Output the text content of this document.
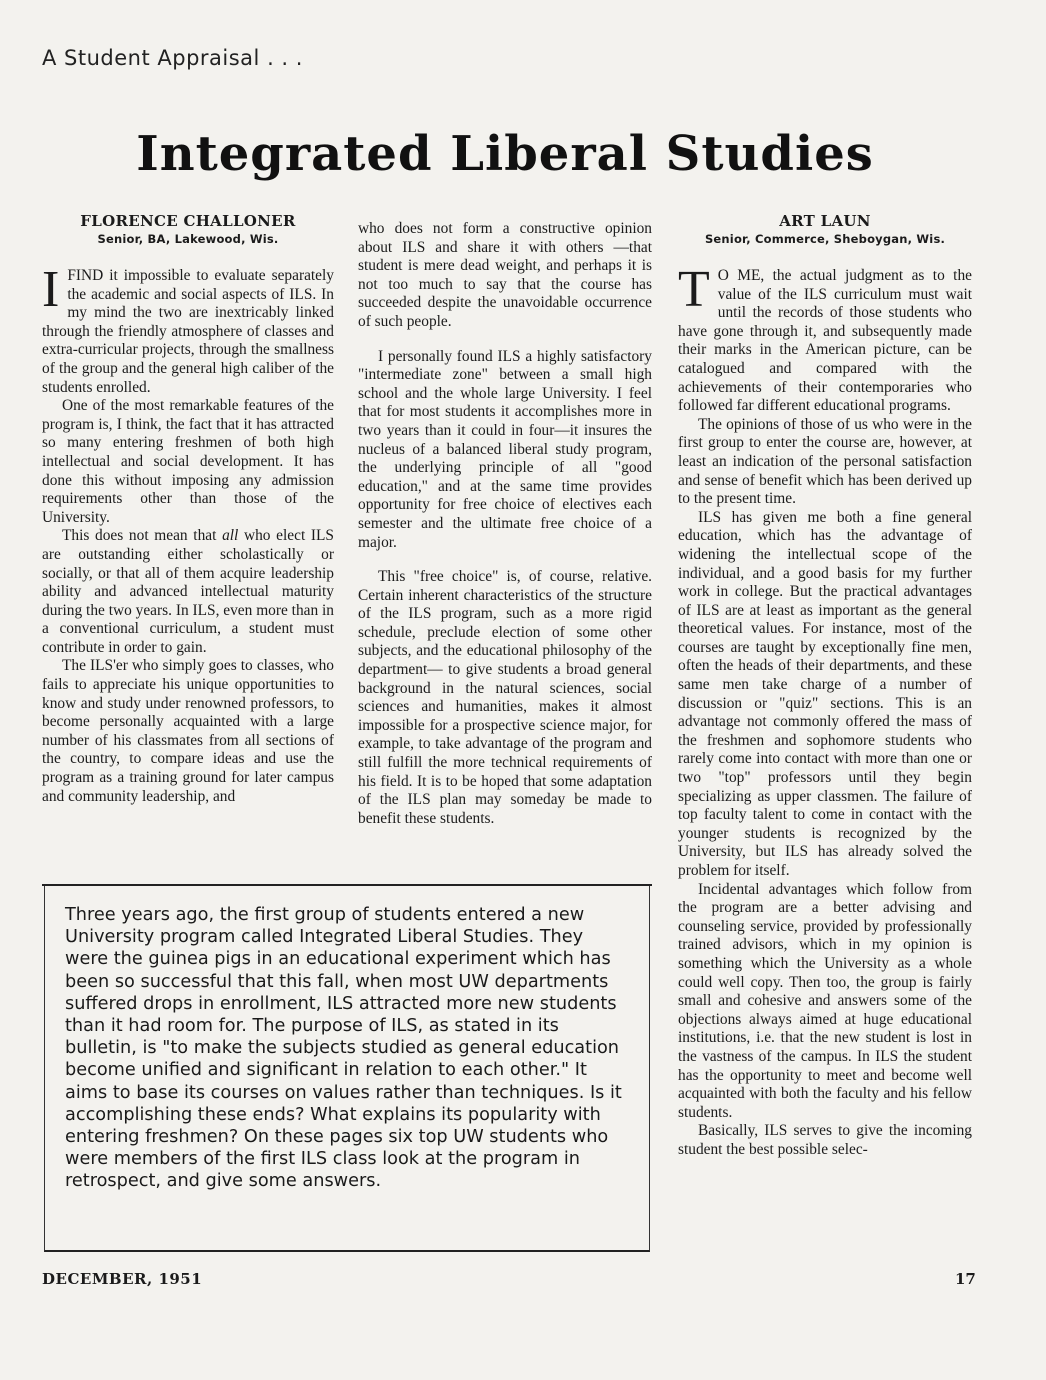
A Student Appraisal . . .
Integrated Liberal Studies
FLORENCE CHALLONER
Senior, BA, Lakewood, Wis.

IFIND it impossible to evaluate separately the academic and social aspects of ILS. In my mind the two are inextricably linked through the friendly atmosphere of classes and extra-curricular projects, through the smallness of the group and the general high caliber of the students enrolled.

One of the most remarkable features of the program is, I think, the fact that it has attracted so many entering freshmen of both high intellectual and social development. It has done this without imposing any admission requirements other than those of the University.

This does not mean that all who elect ILS are outstanding either scholastically or socially, or that all of them acquire leadership ability and advanced intellectual maturity during the two years. In ILS, even more than in a conventional curriculum, a student must contribute in order to gain.

The ILS'er who simply goes to classes, who fails to appreciate his unique opportunities to know and study under renowned professors, to become personally acquainted with a large number of his classmates from all sections of the country, to compare ideas and use the program as a training ground for later campus and community leadership, and

who does not form a constructive opinion about ILS and share it with others —that student is mere dead weight, and perhaps it is not too much to say that the course has succeeded despite the unavoidable occurrence of such people.

I personally found ILS a highly satisfactory "intermediate zone" between a small high school and the whole large University. I feel that for most students it accomplishes more in two years than it could in four—it insures the nucleus of a balanced liberal study program, the underlying principle of all "good education," and at the same time provides opportunity for free choice of electives each semester and the ultimate free choice of a major.

This "free choice" is, of course, relative. Certain inherent characteristics of the structure of the ILS program, such as a more rigid schedule, preclude election of some other subjects, and the educational philosophy of the department— to give students a broad general background in the natural sciences, social sciences and humanities, makes it almost impossible for a prospective science major, for example, to take advantage of the program and still fulfill the more technical requirements of his field. It is to be hoped that some adaptation of the ILS plan may someday be made to benefit these students.

ART LAUN
Senior, Commerce, Sheboygan, Wis.

T O ME, the actual judgment as to the value of the ILS curriculum must wait until the records of those students who have gone through it, and subsequently made their marks in the American picture, can be catalogued and compared with the achievements of their contemporaries who followed far different educational programs.

The opinions of those of us who were in the first group to enter the course are, however, at least an indication of the personal satisfaction and sense of benefit which has been derived up to the present time.

ILS has given me both a fine general education, which has the advantage of widening the intellectual scope of the individual, and a good basis for my further work in college. But the practical advantages of ILS are at least as important as the general theoretical values. For instance, most of the courses are taught by exceptionally fine men, often the heads of their departments, and these same men take charge of a number of discussion or "quiz" sections. This is an advantage not commonly offered the mass of the freshmen and sophomore students who rarely come into contact with more than one or two "top" professors until they begin specializing as upper classmen. The failure of top faculty talent to come in contact with the younger students is recognized by the University, but ILS has already solved the problem for itself.

Incidental advantages which follow from the program are a better advising and counseling service, provided by professionally trained advisors, which in my opinion is something which the University as a whole could well copy. Then too, the group is fairly small and cohesive and answers some of the objections always aimed at huge educational institutions, i.e. that the new student is lost in the vastness of the campus. In ILS the student has the opportunity to meet and become well acquainted with both the faculty and his fellow students.

Basically, ILS serves to give the incoming student the best possible selec-

Three years ago, the first group of students entered a new University program called Integrated Liberal Studies. They were the guinea pigs in an educational experiment which has been so successful that this fall, when most UW departments suffered drops in enrollment, ILS attracted more new students than it had room for. The purpose of ILS, as stated in its bulletin, is "to make the subjects studied as general education become unified and significant in relation to each other." It aims to base its courses on values rather than techniques. Is it accomplishing these ends? What explains its popularity with entering freshmen? On these pages six top UW students who were members of the first ILS class look at the program in retrospect, and give some answers.

DECEMBER, 1951	17
